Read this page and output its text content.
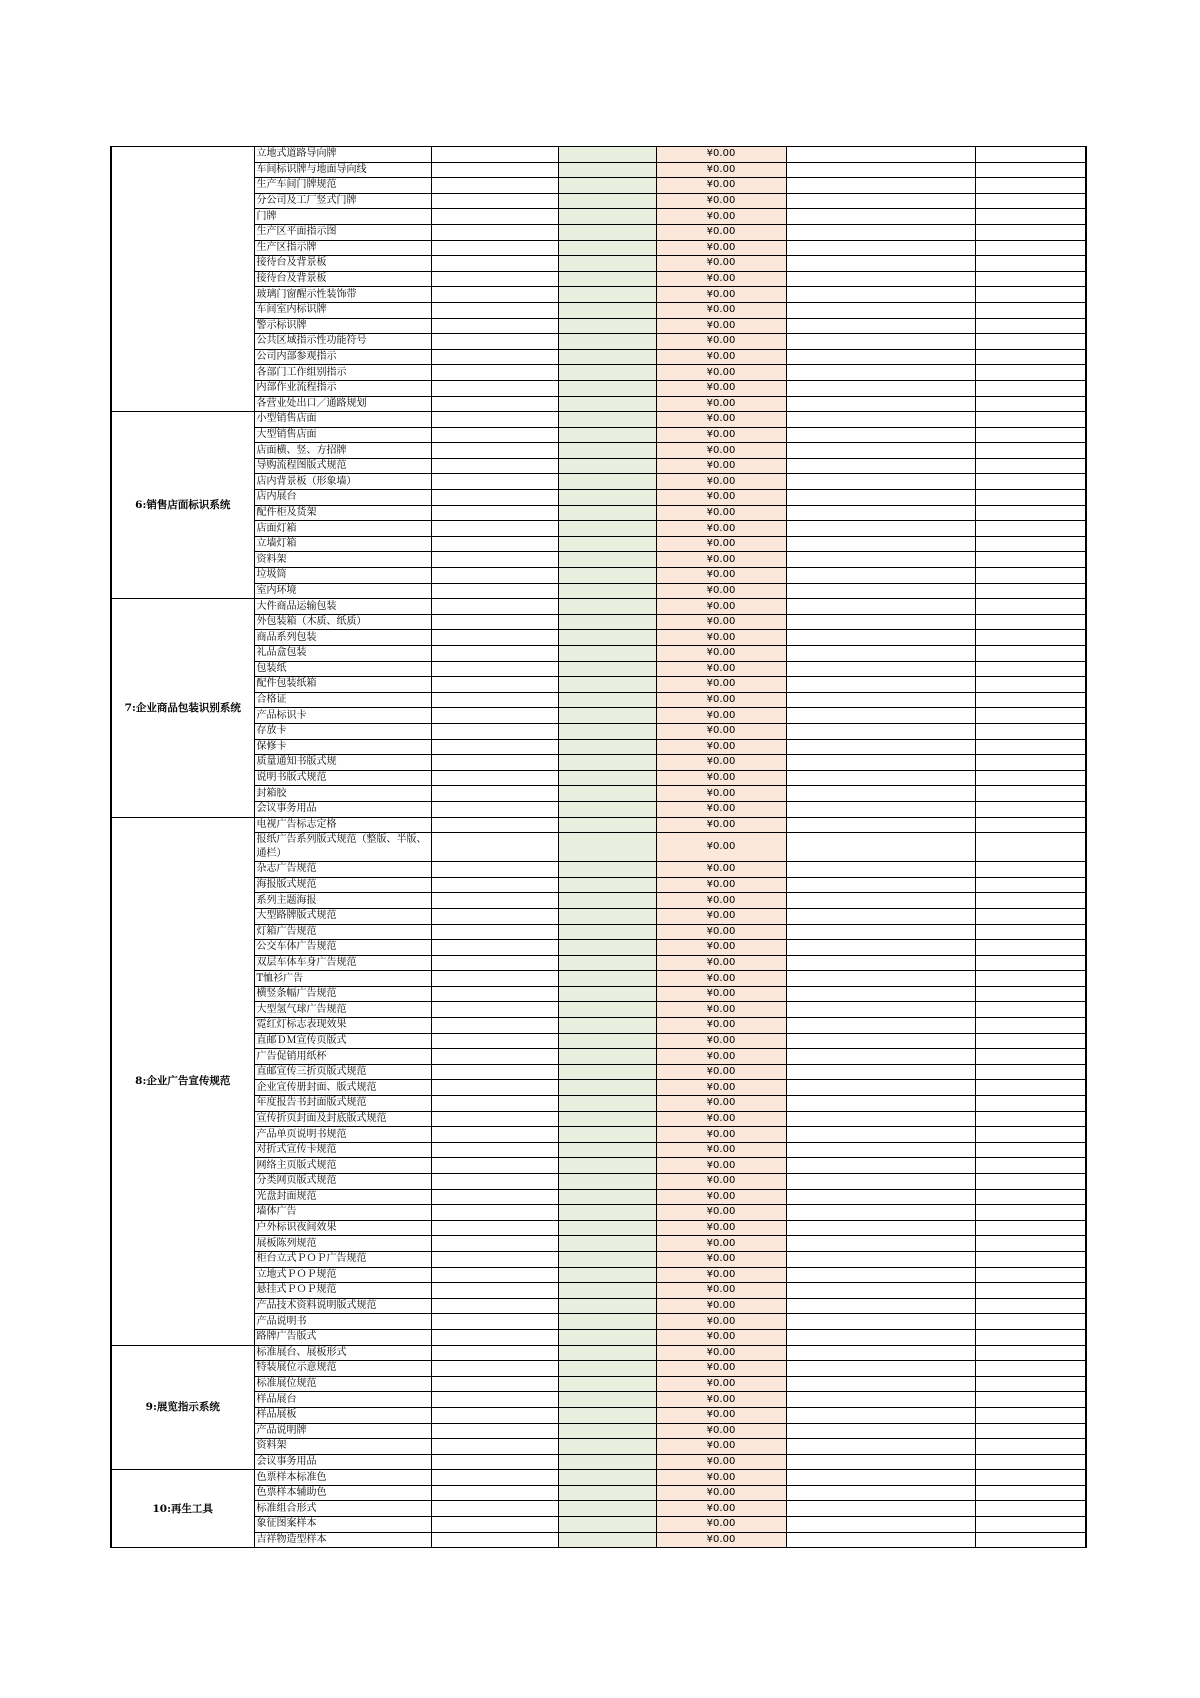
	立地式道路导向牌			¥0.00		
	车间标识牌与地面导向线			¥0.00		
	生产车间门牌规范			¥0.00		
	分公司及工厂竖式门牌			¥0.00		
	门牌			¥0.00		
	生产区平面指示图			¥0.00		
	生产区指示牌			¥0.00		
	接待台及背景板			¥0.00		
	接待台及背景板			¥0.00		
	玻璃门窗醒示性装饰带			¥0.00		
	车间室内标识牌			¥0.00		
	警示标识牌			¥0.00		
	公共区域指示性功能符号			¥0.00		
	公司内部参观指示			¥0.00		
	各部门工作组别指示			¥0.00		
	内部作业流程指示			¥0.00		
	各营业处出口／通路规划			¥0.00		
6:销售店面标识系统	小型销售店面			¥0.00		
	大型销售店面			¥0.00		
	店面横、竖、方招牌			¥0.00		
	导购流程图版式规范			¥0.00		
	店内背景板（形象墙）			¥0.00		
	店内展台			¥0.00		
	配件柜及货架			¥0.00		
	店面灯箱			¥0.00		
	立墙灯箱			¥0.00		
	资料架			¥0.00		
	垃圾筒			¥0.00		
	室内环境			¥0.00		
7:企业商品包装识别系统	大件商品运输包装			¥0.00		
	外包装箱（木质、纸质）			¥0.00		
	商品系列包装			¥0.00		
	礼品盒包装			¥0.00		
	包装纸			¥0.00		
	配件包装纸箱			¥0.00		
	合格证			¥0.00		
	产品标识卡			¥0.00		
	存放卡			¥0.00		
	保修卡			¥0.00		
	质量通知书版式规			¥0.00		
	说明书版式规范			¥0.00		
	封箱胶			¥0.00		
	会议事务用品			¥0.00		
8:企业广告宣传规范	电视广告标志定格			¥0.00		
	报纸广告系列版式规范（整版、半版、通栏）			¥0.00		
	杂志广告规范			¥0.00		
	海报版式规范			¥0.00		
	系列主题海报			¥0.00		
	大型路牌版式规范			¥0.00		
	灯箱广告规范			¥0.00		
	公交车体广告规范			¥0.00		
	双层车体车身广告规范			¥0.00		
	T恤衫广告			¥0.00		
	横竖条幅广告规范			¥0.00		
	大型氢气球广告规范			¥0.00		
	霓红灯标志表现效果			¥0.00		
	直邮ＤＭ宣传页版式			¥0.00		
	广告促销用纸杯			¥0.00		
	直邮宣传三折页版式规范			¥0.00		
	企业宣传册封面、版式规范			¥0.00		
	年度报告书封面版式规范			¥0.00		
	宣传折页封面及封底版式规范			¥0.00		
	产品单页说明书规范			¥0.00		
	对折式宣传卡规范			¥0.00		
	网络主页版式规范			¥0.00		
	分类网页版式规范			¥0.00		
	光盘封面规范			¥0.00		
	墙体广告			¥0.00		
	户外标识夜间效果			¥0.00		
	展板陈列规范			¥0.00		
	柜台立式ＰＯＰ广告规范			¥0.00		
	立地式ＰＯＰ规范			¥0.00		
	悬挂式ＰＯＰ规范			¥0.00		
	产品技术资料说明版式规范			¥0.00		
	产品说明书			¥0.00		
	路牌广告版式			¥0.00		
9:展览指示系统	标准展台、展板形式			¥0.00		
	特装展位示意规范			¥0.00		
	标准展位规范			¥0.00		
	样品展台			¥0.00		
	样品展板			¥0.00		
	产品说明牌			¥0.00		
	资料架			¥0.00		
	会议事务用品			¥0.00		
10:再生工具	色票样本标准色			¥0.00		
	色票样本辅助色			¥0.00		
	标准组合形式			¥0.00		
	象征图案样本			¥0.00		
	吉祥物造型样本			¥0.00		
